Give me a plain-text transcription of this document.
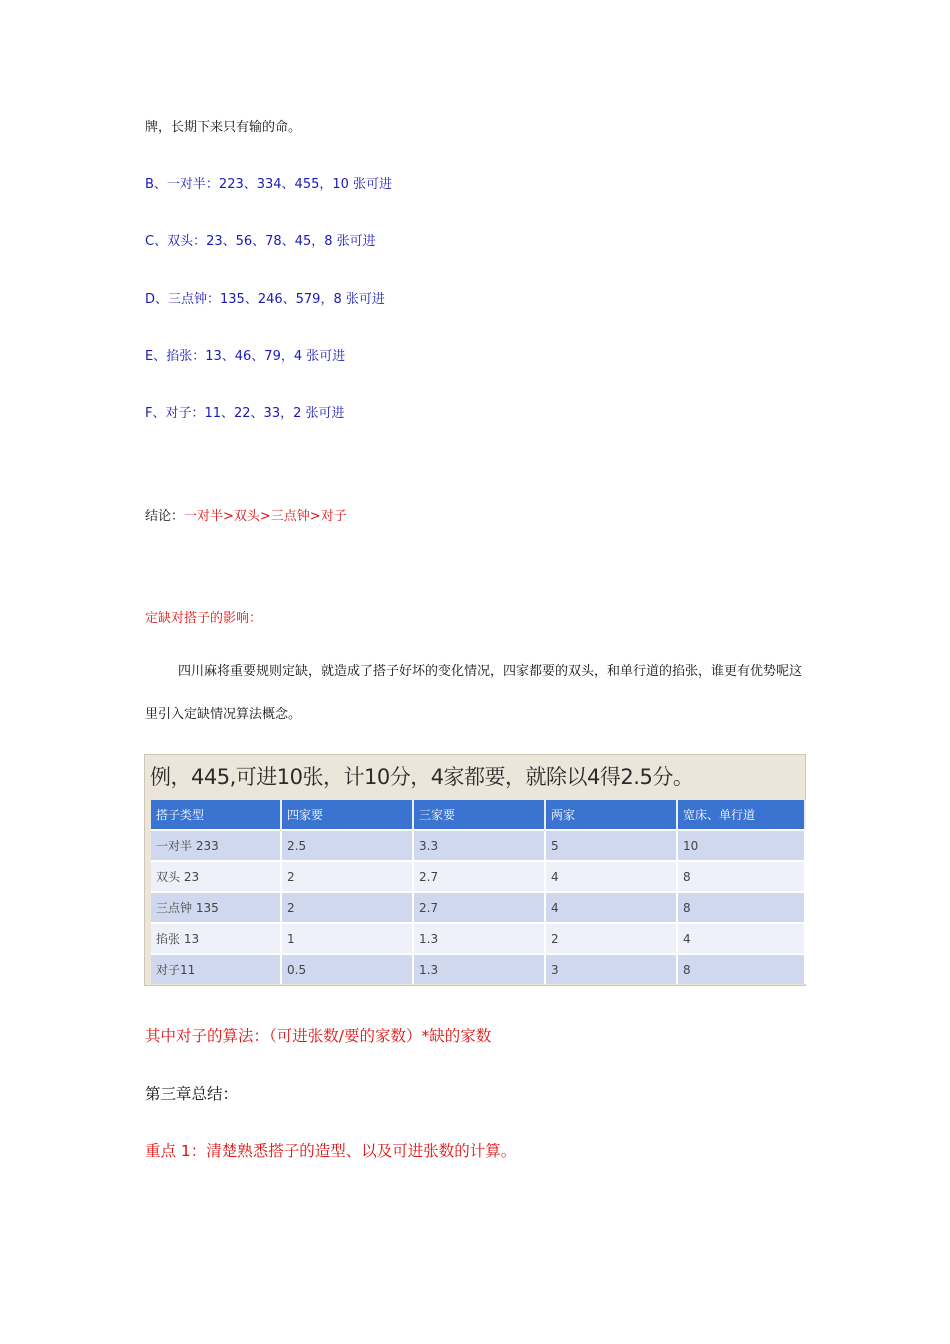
牌，长期下来只有输的命。
B、一对半：223、334、455，10 张可进
C、双头：23、56、78、45，8 张可进
D、三点钟：135、246、579，8 张可进
E、掐张：13、46、79，4 张可进
F、对子：11、22、33，2 张可进
结论：一对半>双头>三点钟>对子
定缺对搭子的影响：
四川麻将重要规则定缺，就造成了搭子好坏的变化情况，四家都要的双头，和单行道的掐张，谁更有优势呢这里引入定缺情况算法概念。
例，445,可进10张，计10分，4家都要，就除以4得2.5分。
搭子类型	四家要	三家要	两家	宽床、单行道
一对半 233	2.5	3.3	5	10
双头 23	2	2.7	4	8
三点钟 135	2	2.7	4	8
掐张 13	1	1.3	2	4
对子11	0.5	1.3	3	8
其中对子的算法：（可进张数/要的家数）*缺的家数
第三章总结：
重点 1：清楚熟悉搭子的造型、以及可进张数的计算。
